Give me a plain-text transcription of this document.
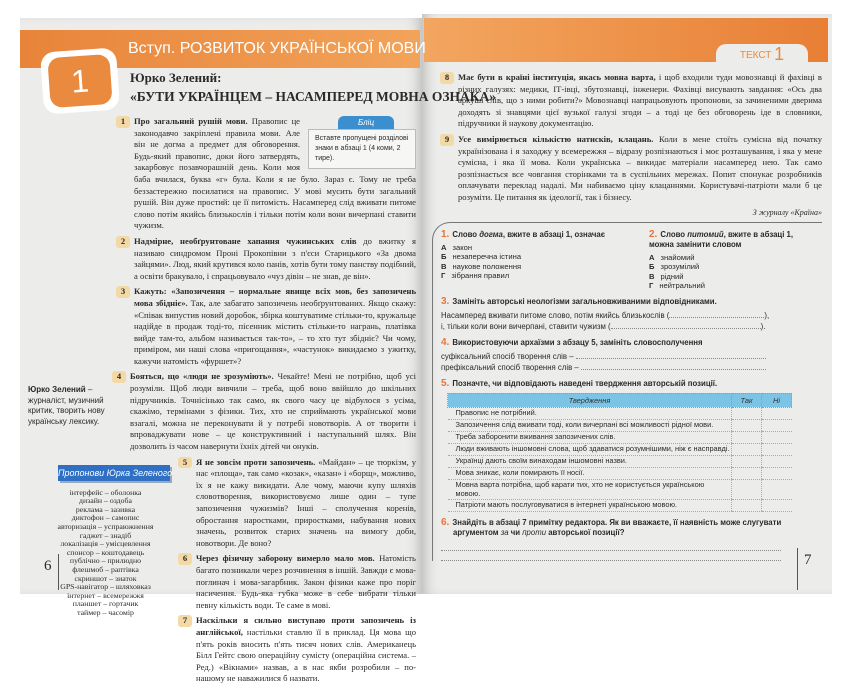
Вступ. РОЗВИТОК УКРАЇНСЬКОЇ МОВИ
1	Юрко Зелений:
«БУТИ УКРАЇНЦЕМ – НАСАМПЕРЕД МОВНА ОЗНАКА»
Бліц
Вставте пропущені розділові знаки в абзаці 1 (4 коми, 2 тире).
1 Про загальний рушій мови. Правопис це законодавчо закріплені правила мови. Але він не догма а предмет для обговорення. Будь-який правопис, доки його затвердять, закарбовує позавчорашній день. Коли моя баба вчилася, буква «г» була. Коли я не було. Зараз є. Тому не треба беззастережно посилатися на правопис. У мові мусить бути загальний рушій. Він дуже простий: це її питомість. Насамперед слід вживати питоме слово потім якийсь близькослів і тільки потім коли вони вичерпані ставити чужизм.
2 Надмірне, необґрунтоване хапання чужинських слів до вжитку я називаю синдромом Проні Прокопівни з п'єси Старицького «За двома зайцями». Люд, який крутився коло панів, хотів бути тому панству подібний, а освіти бракувало, і спрацьовувало «чуз дівін – не знав, де він».
3 Кажуть: «Запозичення – нормальне явище всіх мов, без запозичень мова збідніє». Так, але забагато запозичень необґрунтованих. Якщо скажу: «Співак випустив новий доробок, збірка коштуватиме стільки-то, кружальце надійде в продаж тоді-то, пісенник містить стільки-то награнь, платівка вийде там-то, альбом називається так-то», – то хто тут збідніє? Чи чому, приміром, ми наші слова «пригощання», «частунок» викидаємо з ужитку, кажучи натомість «фуршет»?
Юрко Зелений – журналіст, музичний критик, творить нову українську лексику.
4 Бояться, що «люди не зрозуміють». Чекайте! Мені не потрібно, щоб усі розуміли. Щоб люди вивчили – треба, щоб воно ввійшло до шкільних підручників. Точнісінько так само, як свого часу це відбулося з усіма, скажімо, термінами з фізики. Тих, хто не сприймають української мови взагалі, можна не переконувати й у потребі новотворів. А от творити і впроваджувати нове – це конструктивний і наступальний шлях. Він дозволить із часом навернути їхніх дітей чи онуків.
Пропонови Юрка Зеленого
інтерфейс – оболонка
дизайн – оздоба
реклама – зазивка
диктофон – самопис
авторизація – успраюжнення
гаджет – знадіб
локалізація – умісцевлення
спонсор – коштодавець
публічно – прилюдно
флешмоб – раптівка
скриншот – зиаток
GPS-навігатор – шляховказ
інтернет – всемережжя
планшет – гортачик
таймер – часомір
5 Я не зовсім проти запозичень. «Майдан» – це тюркізм, у нас «площа», так само «козак», «казан» і «борщ», можливо, їх я не кажу викидати. Але чому, маючи купу шляхів словотворення, використовуємо лише один – тупе запозичення чужизмів? Інші – сполучення коренів, обростання наростками, приростками, набування нових значень, розвиток старих значень на вимогу доби, новотвори. Де воно?
6 Через фізичну заборону вимерло мало мов. Натомість багато позникали через розчинення в іншій. Завжди є мова-поглинач і мова-загарбник. Закон фізики каже про поріг насичення. Будь-яка губка може в себе вибрати тільки певну кількість води. Те саме в мові.
7 Наскільки я сильно виступаю проти запозичень із англійської, настільки ставлю її в приклад. Ця мова що п'ять років вносить п'ять тисяч нових слів. Американець Білл Гейтс свою операційну сумісту (операційна система. – Ред.) «Вікнами» назвав, а в нас якби розробили – по-нашому не наважилися б назвати.
6
ТЕКСТ 1
8 Має бути в країні інституція, якась мовна варта, і щоб входили туди мовознавці й фахівці в різних галузях: медики, ІТ-івці, збутознавці, інженери. Фахівці висувають завдання: «Ось два аркуші слів, що з ними робити?» Мовознавці напрацьовують пропонови, за зачиненими дверима доходять зі знавцями цієї вузької галузі згоди – а тоді це без обговорень іде в словники, підручники й наукову документацію.
9 Усе вимірюється кількістю натисків, клацань. Коли в мене стоїть сумісна від початку українізована і я заходжу у всемережжя – відразу розпізнаються і моє розташування, і яка у мене сумісна, і яка її мова. Коли українська – викидає матеріали насамперед нею. Так само розпізнається все човгання сторінками та в суспільних мережах. Попит спонукає розробників оплачувати переклад надалі. Ми набиваємо ціну клацаннями. Користувачі-патріоти мали б це розуміти. Це питання як ідеології, так і бізнесу.
З журналу «Країна»
1. Слово догма, вжите в абзаці 1, означає
А закон
Б незаперечна істина
В наукове положення
Г зібрання правил
2. Слово питомий, вжите в абзаці 1, можна замінити словом
А знайомий
Б зрозумілий
В рідний
Г нейтральний
3. Замініть авторські неологізми загальновживаними відповідниками.
Насамперед вживати питоме слово, потім якийсь близькослів (	),
і, тільки коли вони вичерпані, ставити чужизм (	).
4. Використовуючи архаїзми з абзацу 5, замініть словосполучення
суфіксальний спосіб творення слів –
префіксальний спосіб творення слів –
5. Позначте, чи відповідають наведені твердження авторській позиції.
Твердження	Так	Ні
Правопис не потрібний.		
Запозичення слід вживати тоді, коли вичерпані всі можливості рідної мови.		
Треба заборонити вживання запозичених слів.		
Люди вживають іншомовні слова, щоб здаватися розумнішими, ніж є насправді.		
Українці дають своїм винаходам іншомовні назви.		
Мова зникає, коли помирають її носії.		
Мовна варта потрібна, щоб карати тих, хто не користується українською мовою.		
Патріоти мають послуговуватися в інтернеті українською мовою.		
6. Знайдіть в абзаці 7 примітку редактора. Як ви вважаєте, її наявність може слугувати
аргументом за чи проти авторської позиції?
7
